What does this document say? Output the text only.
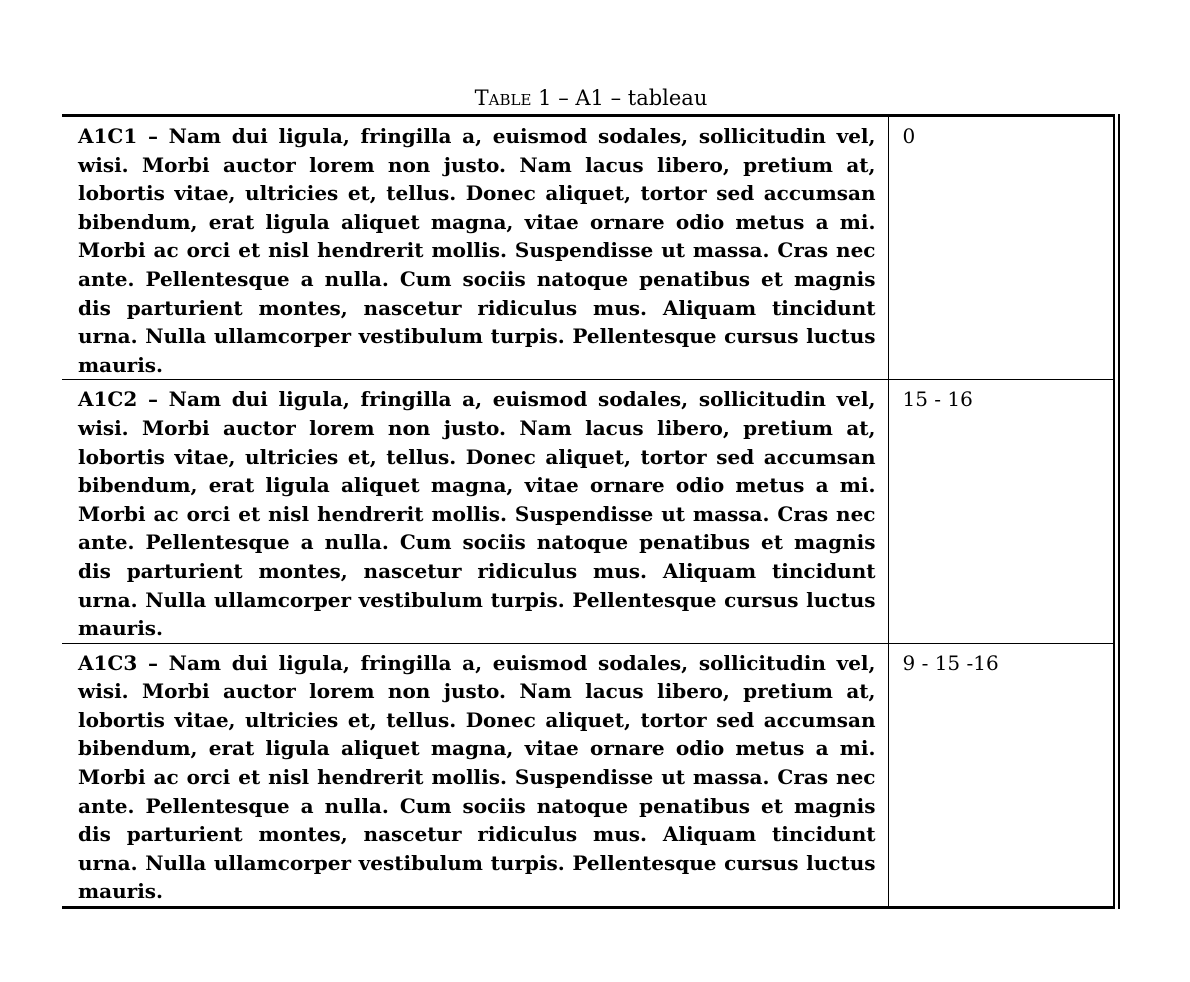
Table 1 – A1 – tableau
A1C1 – Nam dui ligula, fringilla a, euismod sodales, sollicitudin vel, wisi. Morbi auctor lorem non justo. Nam lacus libero, pretium at, lobortis vitae, ultricies et, tellus. Donec aliquet, tortor sed accumsan bibendum, erat ligula aliquet magna, vitae ornare odio metus a mi. Morbi ac orci et nisl hendrerit mollis. Suspendisse ut massa. Cras nec ante. Pellentesque a nulla. Cum sociis natoque penatibus et magnis dis parturient montes, nascetur ridiculus mus. Aliquam tincidunt urna. Nulla ullamcorper vestibulum turpis. Pellentesque cursus luctus mauris.	0
A1C2 – Nam dui ligula, fringilla a, euismod sodales, sollicitudin vel, wisi. Morbi auctor lorem non justo. Nam lacus libero, pretium at, lobortis vitae, ultricies et, tellus. Donec aliquet, tortor sed accumsan bibendum, erat ligula aliquet magna, vitae ornare odio metus a mi. Morbi ac orci et nisl hendrerit mollis. Suspendisse ut massa. Cras nec ante. Pellentesque a nulla. Cum sociis natoque penatibus et magnis dis parturient montes, nascetur ridiculus mus. Aliquam tincidunt urna. Nulla ullamcorper vestibulum turpis. Pellentesque cursus luctus mauris.	15 - 16
A1C3 – Nam dui ligula, fringilla a, euismod sodales, sollicitudin vel, wisi. Morbi auctor lorem non justo. Nam lacus libero, pretium at, lobortis vitae, ultricies et, tellus. Donec aliquet, tortor sed accumsan bibendum, erat ligula aliquet magna, vitae ornare odio metus a mi. Morbi ac orci et nisl hendrerit mollis. Suspendisse ut massa. Cras nec ante. Pellentesque a nulla. Cum sociis natoque penatibus et magnis dis parturient montes, nascetur ridiculus mus. Aliquam tincidunt urna. Nulla ullamcorper vestibulum turpis. Pellentesque cursus luctus mauris.	9 - 15 -16
